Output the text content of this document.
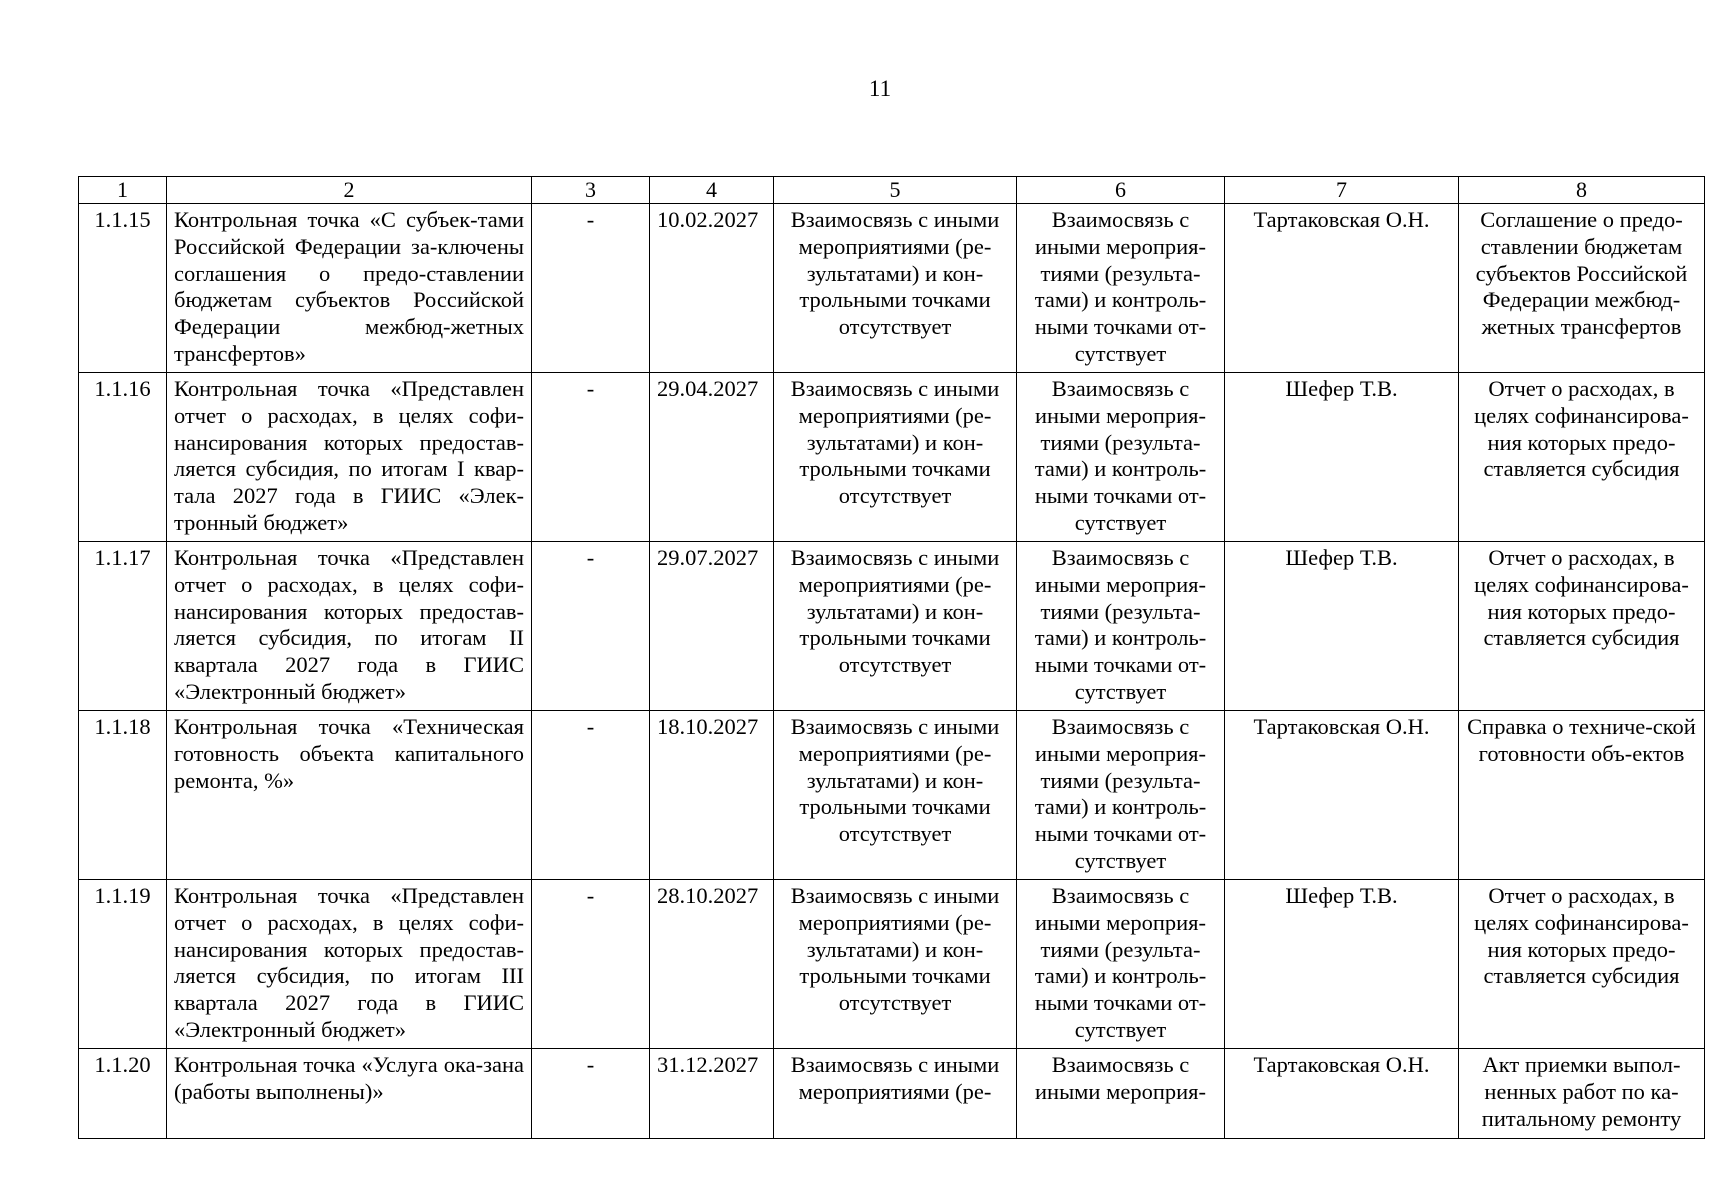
11
1	2	3	4	5	6	7	8
1.1.15	Контрольная точка «С субъек-тами Российской Федерации за-ключены соглашения о предо-ставлении бюджетам субъектов Российской Федерации межбюд-жетных трансфертов»	-	10.02.2027	Взаимосвязь с иными мероприятиями (ре-зультатами) и кон-трольными точками отсутствует	Взаимосвязь с иными мероприя-тиями (результа-тами) и контроль-ными точками от-сутствует	Тартаковская О.Н.	Соглашение о предо-ставлении бюджетам субъектов Российской Федерации межбюд-жетных трансфертов
1.1.16	Контрольная точка «Представлен отчет о расходах, в целях софи-нансирования которых предостав-ляется субсидия, по итогам I квар-тала 2027 года в ГИИС «Элек-тронный бюджет»	-	29.04.2027	Взаимосвязь с иными мероприятиями (ре-зультатами) и кон-трольными точками отсутствует	Взаимосвязь с иными мероприя-тиями (результа-тами) и контроль-ными точками от-сутствует	Шефер Т.В.	Отчет о расходах, в целях софинансирова-ния которых предо-ставляется субсидия
1.1.17	Контрольная точка «Представлен отчет о расходах, в целях софи-нансирования которых предостав-ляется субсидия, по итогам II квартала 2027 года в ГИИС «Электронный бюджет»	-	29.07.2027	Взаимосвязь с иными мероприятиями (ре-зультатами) и кон-трольными точками отсутствует	Взаимосвязь с иными мероприя-тиями (результа-тами) и контроль-ными точками от-сутствует	Шефер Т.В.	Отчет о расходах, в целях софинансирова-ния которых предо-ставляется субсидия
1.1.18	Контрольная точка «Техническая готовность объекта капитального ремонта, %»	-	18.10.2027	Взаимосвязь с иными мероприятиями (ре-зультатами) и кон-трольными точками отсутствует	Взаимосвязь с иными мероприя-тиями (результа-тами) и контроль-ными точками от-сутствует	Тартаковская О.Н.	Справка о техниче-ской готовности объ-ектов
1.1.19	Контрольная точка «Представлен отчет о расходах, в целях софи-нансирования которых предостав-ляется субсидия, по итогам III квартала 2027 года в ГИИС «Электронный бюджет»	-	28.10.2027	Взаимосвязь с иными мероприятиями (ре-зультатами) и кон-трольными точками отсутствует	Взаимосвязь с иными мероприя-тиями (результа-тами) и контроль-ными точками от-сутствует	Шефер Т.В.	Отчет о расходах, в целях софинансирова-ния которых предо-ставляется субсидия
1.1.20	Контрольная точка «Услуга ока-зана (работы выполнены)»	-	31.12.2027	Взаимосвязь с иными мероприятиями (ре-	Взаимосвязь с иными мероприя-	Тартаковская О.Н.	Акт приемки выпол-ненных работ по ка-питальному ремонту
